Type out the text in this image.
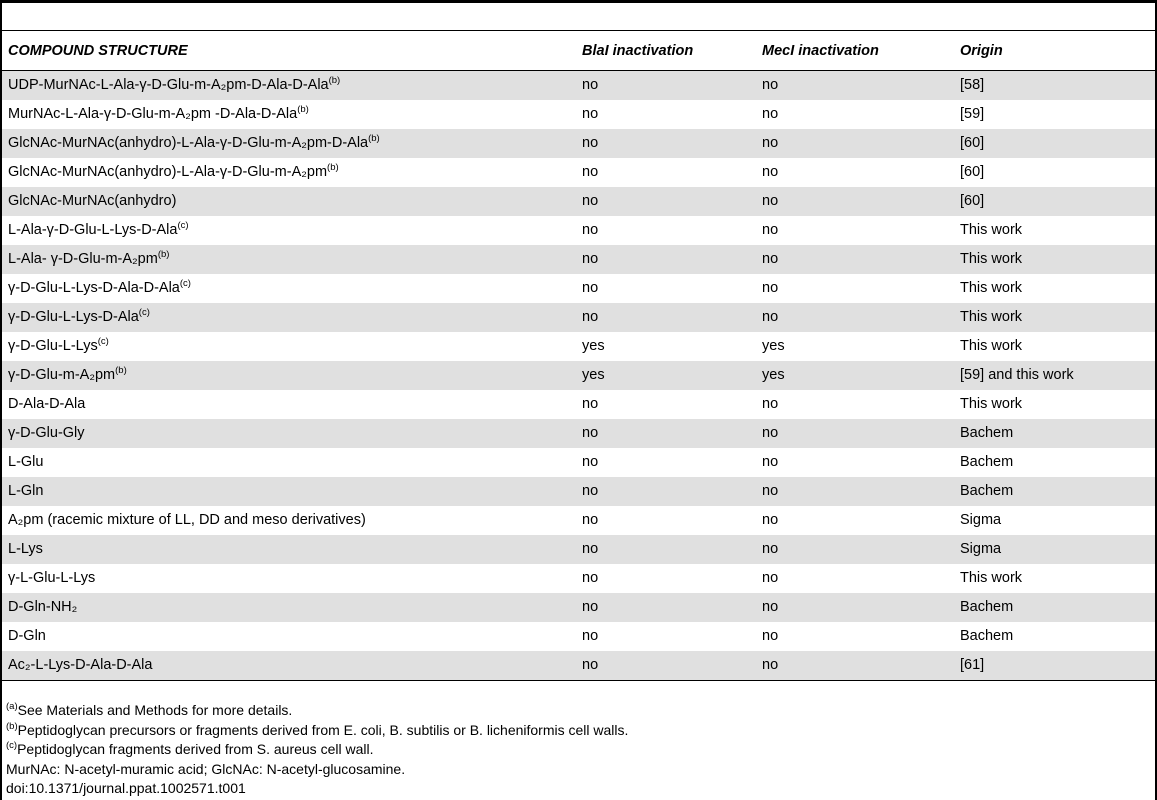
COMPOUND STRUCTURE	BlaI inactivation	MecI inactivation	Origin
UDP-MurNAc-L-Ala-γ-D-Glu-m-A₂pm-D-Ala-D-Ala$^{(b)}$	no	no	[58]
MurNAc-L-Ala-γ-D-Glu-m-A₂pm -D-Ala-D-Ala$^{(b)}$	no	no	[59]
GlcNAc-MurNAc(anhydro)-L-Ala-γ-D-Glu-m-A₂pm-D-Ala$^{(b)}$	no	no	[60]
GlcNAc-$MurNAc(anhydro)-L-Ala-\gamma-D-Glu-m-A_2pm^{(b)}$	no	no	[60]
GlcNAc-MurNAc(anhydro)	no	no	[60]
L-Ala-γ-D-Glu-L-Lys-D-Ala$^{(c)}$	no	no	This work
L-Ala- $\gamma-D-Glu-m-A_2pm^{(b)}$	no	no	This work
γ-D-Glu-L-Lys-D-Ala-D-Ala$^{(c)}$	no	no	This work
γ-D-Glu-L-Lys-D-Ala$^{(c)}$	no	no	This work
γ-D-Glu-L-Lys$^{(c)}$	yes	yes	This work
$\gamma-D-Glu-m-A_2pm^{(b)}$	yes	yes	[59] and this work
D-Ala-D-Ala	no	no	This work
γ-D-Glu-Gly	no	no	Bachem
L-Glu	no	no	Bachem
L-Gln	no	no	Bachem
A₂pm (racemic mixture of LL, DD and meso derivatives)	no	no	Sigma
L-Lys	no	no	Sigma
γ-L-Glu-L-Lys	no	no	This work
D-Gln-NH₂	no	no	Bachem
D-Gln	no	no	Bachem
Ac₂-L-Lys-D-Ala-D-Ala	no	no	[61]
$^{(a)}$See Materials and Methods for more details.
$^{(b)}$Peptidoglycan precursors or fragments derived from E. coli, B. subtilis or B. licheniformis cell walls.
$^{(c)}$Peptidoglycan fragments derived from S. aureus cell wall.
MurNAc: N-acetyl-muramic acid; GlcNAc: N-acetyl-glucosamine.
doi:10.1371/journal.ppat.1002571.t001
